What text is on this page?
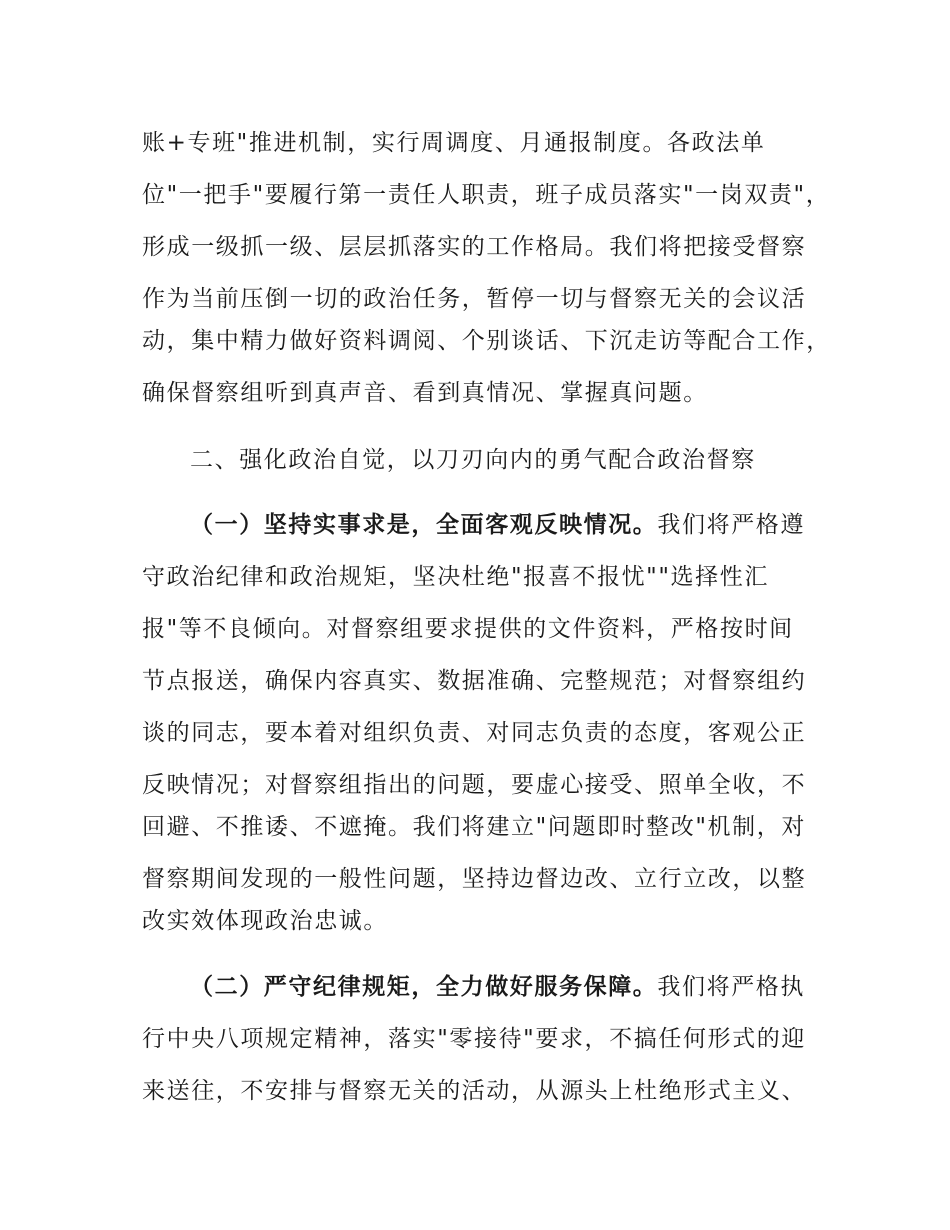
账+专班"推进机制，实行周调度、月通报制度。各政法单
位"一把手"要履行第一责任人职责，班子成员落实"一岗双责"，
形成一级抓一级、层层抓落实的工作格局。我们将把接受督察
作为当前压倒一切的政治任务，暂停一切与督察无关的会议活
动，集中精力做好资料调阅、个别谈话、下沉走访等配合工作，
确保督察组听到真声音、看到真情况、掌握真问题。
二、强化政治自觉，以刀刃向内的勇气配合政治督察
（一）坚持实事求是，全面客观反映情况。我们将严格遵
守政治纪律和政治规矩，坚决杜绝"报喜不报忧""选择性汇
报"等不良倾向。对督察组要求提供的文件资料，严格按时间
节点报送，确保内容真实、数据准确、完整规范；对督察组约
谈的同志，要本着对组织负责、对同志负责的态度，客观公正
反映情况；对督察组指出的问题，要虚心接受、照单全收，不
回避、不推诿、不遮掩。我们将建立"问题即时整改"机制，对
督察期间发现的一般性问题，坚持边督边改、立行立改，以整
改实效体现政治忠诚。
（二）严守纪律规矩，全力做好服务保障。我们将严格执
行中央八项规定精神，落实"零接待"要求，不搞任何形式的迎
来送往，不安排与督察无关的活动，从源头上杜绝形式主义、
